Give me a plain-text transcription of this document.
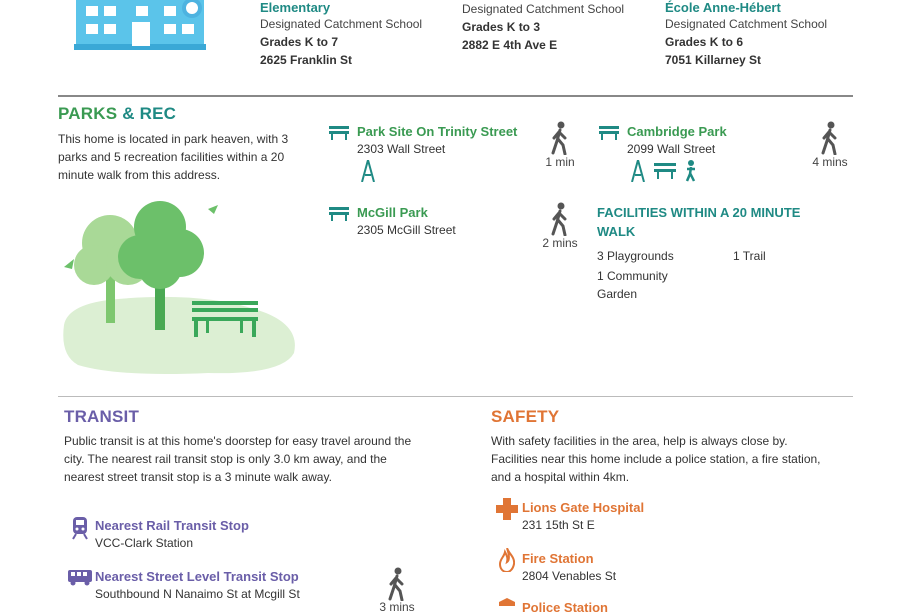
Elementary
Designated Catchment School
Grades K to 7
2625 Franklin St
Designated Catchment School
Grades K to 3
2882 E 4th Ave E
École Anne-Hébert
Designated Catchment School
Grades K to 6
7051 Killarney St
PARKS & REC
This home is located in park heaven, with 3 parks and 5 recreation facilities within a 20 minute walk from this address.
Park Site On Trinity Street
2303 Wall Street
1 min
Cambridge Park
2099 Wall Street
4 mins
McGill Park
2305 McGill Street
2 mins
FACILITIES WITHIN A 20 MINUTE WALK
3 Playgrounds	1 Trail
1 Community Garden
TRANSIT
Public transit is at this home's doorstep for easy travel around the city. The nearest rail transit stop is only 3.0 km away, and the nearest street transit stop is a 3 minute walk away.
Nearest Rail Transit Stop
VCC-Clark Station
Nearest Street Level Transit Stop
Southbound N Nanaimo St at Mcgill St
3 mins
SAFETY
With safety facilities in the area, help is always close by. Facilities near this home include a police station, a fire station, and a hospital within 4km.
Lions Gate Hospital
231 15th St E
Fire Station
2804 Venables St
Police Station
